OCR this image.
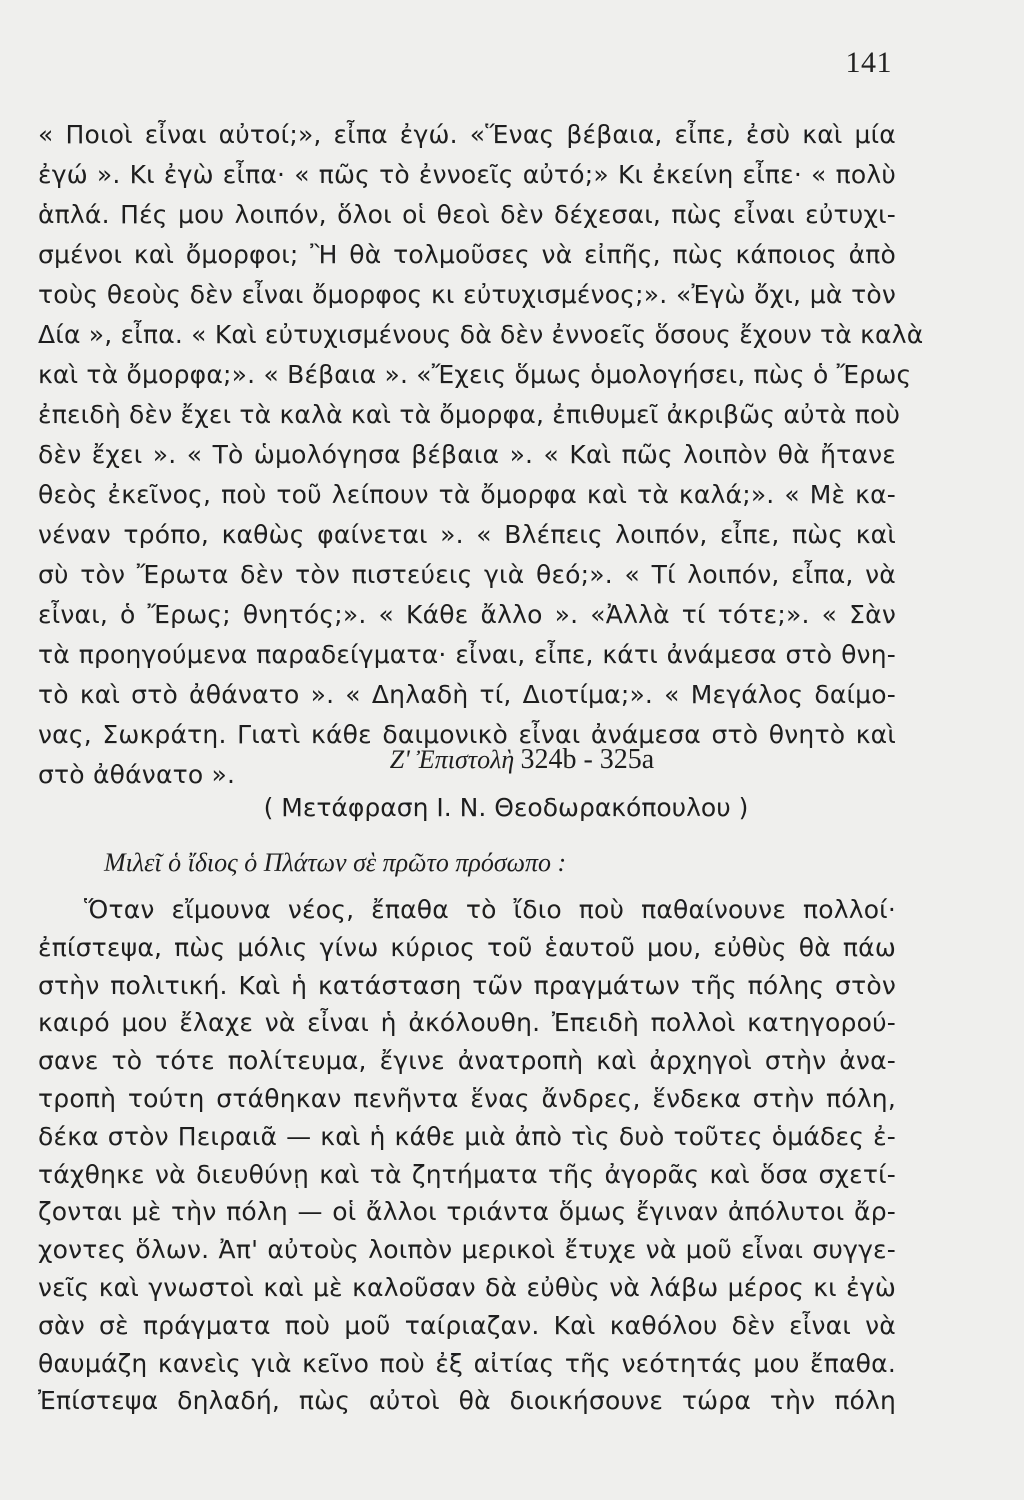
141
« Ποιοὶ εἶναι αὐτοί;», εἶπα ἐγώ. «Ἕνας βέβαια, εἶπε, ἐσὺ καὶ μία
ἐγώ ». Κι ἐγὼ εἶπα· « πῶς τὸ ἐννοεῖς αὐτό;» Κι ἐκείνη εἶπε· « πολὺ
ἁπλά. Πές μου λοιπόν, ὅλοι οἱ θεοὶ δὲν δέχεσαι, πὼς εἶναι εὐτυχι-
σμένοι καὶ ὄμορφοι; Ἢ θὰ τολμοῦσες νὰ εἰπῆς, πὼς κάποιος ἀπὸ
τοὺς θεοὺς δὲν εἶναι ὄμορφος κι εὐτυχισμένος;». «Ἐγὼ ὄχι, μὰ τὸν
Δία », εἶπα. « Καὶ εὐτυχισμένους δὰ δὲν ἐννοεῖς ὅσους ἔχουν τὰ καλὰ
καὶ τὰ ὄμορφα;». « Βέβαια ». «Ἔχεις ὅμως ὁμολογήσει, πὼς ὁ Ἔρως
ἐπειδὴ δὲν ἔχει τὰ καλὰ καὶ τὰ ὄμορφα, ἐπιθυμεῖ ἀκριβῶς αὐτὰ ποὺ
δὲν ἔχει ». « Τὸ ὡμολόγησα βέβαια ». « Καὶ πῶς λοιπὸν θὰ ἤτανε
θεὸς ἐκεῖνος, ποὺ τοῦ λείπουν τὰ ὄμορφα καὶ τὰ καλά;». « Μὲ κα-
νέναν τρόπο, καθὼς φαίνεται ». « Βλέπεις λοιπόν, εἶπε, πὼς καὶ
σὺ τὸν Ἔρωτα δὲν τὸν πιστεύεις γιὰ θεό;». « Τί λοιπόν, εἶπα, νὰ
εἶναι, ὁ Ἔρως; θνητός;». « Κάθε ἄλλο ». «Ἀλλὰ τί τότε;». « Σὰν
τὰ προηγούμενα παραδείγματα· εἶναι, εἶπε, κάτι ἀνάμεσα στὸ θνη-
τὸ καὶ στὸ ἀθάνατο ». « Δηλαδὴ τί, Διοτίμα;». « Μεγάλος δαίμο-
νας, Σωκράτη. Γιατὶ κάθε δαιμονικὸ εἶναι ἀνάμεσα στὸ θνητὸ καὶ
στὸ ἀθάνατο ».
Ζ' Ἐπιστολὴ 324b - 325a
( Μετάφραση Ι. Ν. Θεοδωρακόπουλου )
Μιλεῖ ὁ ἴδιος ὁ Πλάτων σὲ πρῶτο πρόσωπο :
Ὅταν εἴμουνα νέος, ἔπαθα τὸ ἴδιο ποὺ παθαίνουνε πολλοί·
ἐπίστεψα, πὼς μόλις γίνω κύριος τοῦ ἑαυτοῦ μου, εὐθὺς θὰ πάω
στὴν πολιτική. Καὶ ἡ κατάσταση τῶν πραγμάτων τῆς πόλης στὸν
καιρό μου ἔλαχε νὰ εἶναι ἡ ἀκόλουθη. Ἐπειδὴ πολλοὶ κατηγορού-
σανε τὸ τότε πολίτευμα, ἔγινε ἀνατροπὴ καὶ ἀρχηγοὶ στὴν ἀνα-
τροπὴ τούτη στάθηκαν πενῆντα ἕνας ἄνδρες, ἕνδεκα στὴν πόλη,
δέκα στὸν Πειραιᾶ — καὶ ἡ κάθε μιὰ ἀπὸ τὶς δυὸ τοῦτες ὁμάδες ἐ-
τάχθηκε νὰ διευθύνῃ καὶ τὰ ζητήματα τῆς ἀγορᾶς καὶ ὅσα σχετί-
ζονται μὲ τὴν πόλη — οἱ ἄλλοι τριάντα ὅμως ἔγιναν ἀπόλυτοι ἄρ-
χοντες ὅλων. Ἀπ' αὐτοὺς λοιπὸν μερικοὶ ἔτυχε νὰ μοῦ εἶναι συγγε-
νεῖς καὶ γνωστοὶ καὶ μὲ καλοῦσαν δὰ εὐθὺς νὰ λάβω μέρος κι ἐγὼ
σὰν σὲ πράγματα ποὺ μοῦ ταίριαζαν. Καὶ καθόλου δὲν εἶναι νὰ
θαυμάζη κανεὶς γιὰ κεῖνο ποὺ ἐξ αἰτίας τῆς νεότητάς μου ἔπαθα.
Ἐπίστεψα δηλαδή, πὼς αὐτοὶ θὰ διοικήσουνε τώρα τὴν πόλη
